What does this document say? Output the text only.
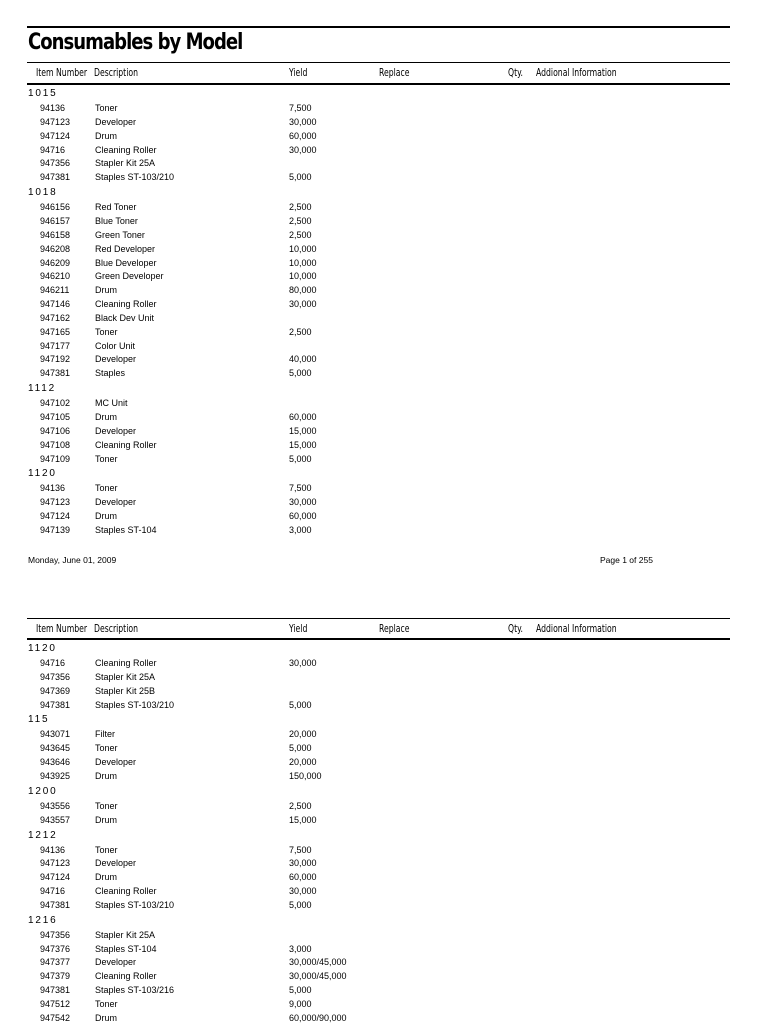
Consumables by Model
Item Number Description	Yield	Replace	Qty. Addional Information
1015
94136	Toner	7,500
947123	Developer	30,000
947124	Drum	60,000
94716	Cleaning Roller	30,000
947356	Stapler Kit 25A
947381	Staples ST-103/210	5,000
1018
946156	Red Toner	2,500
946157	Blue Toner	2,500
946158	Green Toner	2,500
946208	Red Developer	10,000
946209	Blue Developer	10,000
946210	Green Developer	10,000
946211	Drum	80,000
947146	Cleaning Roller	30,000
947162	Black Dev Unit
947165	Toner	2,500
947177	Color Unit
947192	Developer	40,000
947381	Staples	5,000
1112
947102	MC Unit
947105	Drum	60,000
947106	Developer	15,000
947108	Cleaning Roller	15,000
947109	Toner	5,000
1120
94136	Toner	7,500
947123	Developer	30,000
947124	Drum	60,000
947139	Staples ST-104	3,000
Monday, June 01, 2009	Page 1 of 255
Item Number Description	Yield	Replace	Qty. Addional Information
1120
94716	Cleaning Roller	30,000
947356	Stapler Kit 25A
947369	Stapler Kit 25B
947381	Staples ST-103/210	5,000
115
943071	Filter	20,000
943645	Toner	5,000
943646	Developer	20,000
943925	Drum	150,000
1200
943556	Toner	2,500
943557	Drum	15,000
1212
94136	Toner	7,500
947123	Developer	30,000
947124	Drum	60,000
94716	Cleaning Roller	30,000
947381	Staples ST-103/210	5,000
1216
947356	Stapler Kit 25A
947376	Staples ST-104	3,000
947377	Developer	30,000/45,000
947379	Cleaning Roller	30,000/45,000
947381	Staples ST-103/216	5,000
947512	Toner	9,000
947542	Drum	60,000/90,000
